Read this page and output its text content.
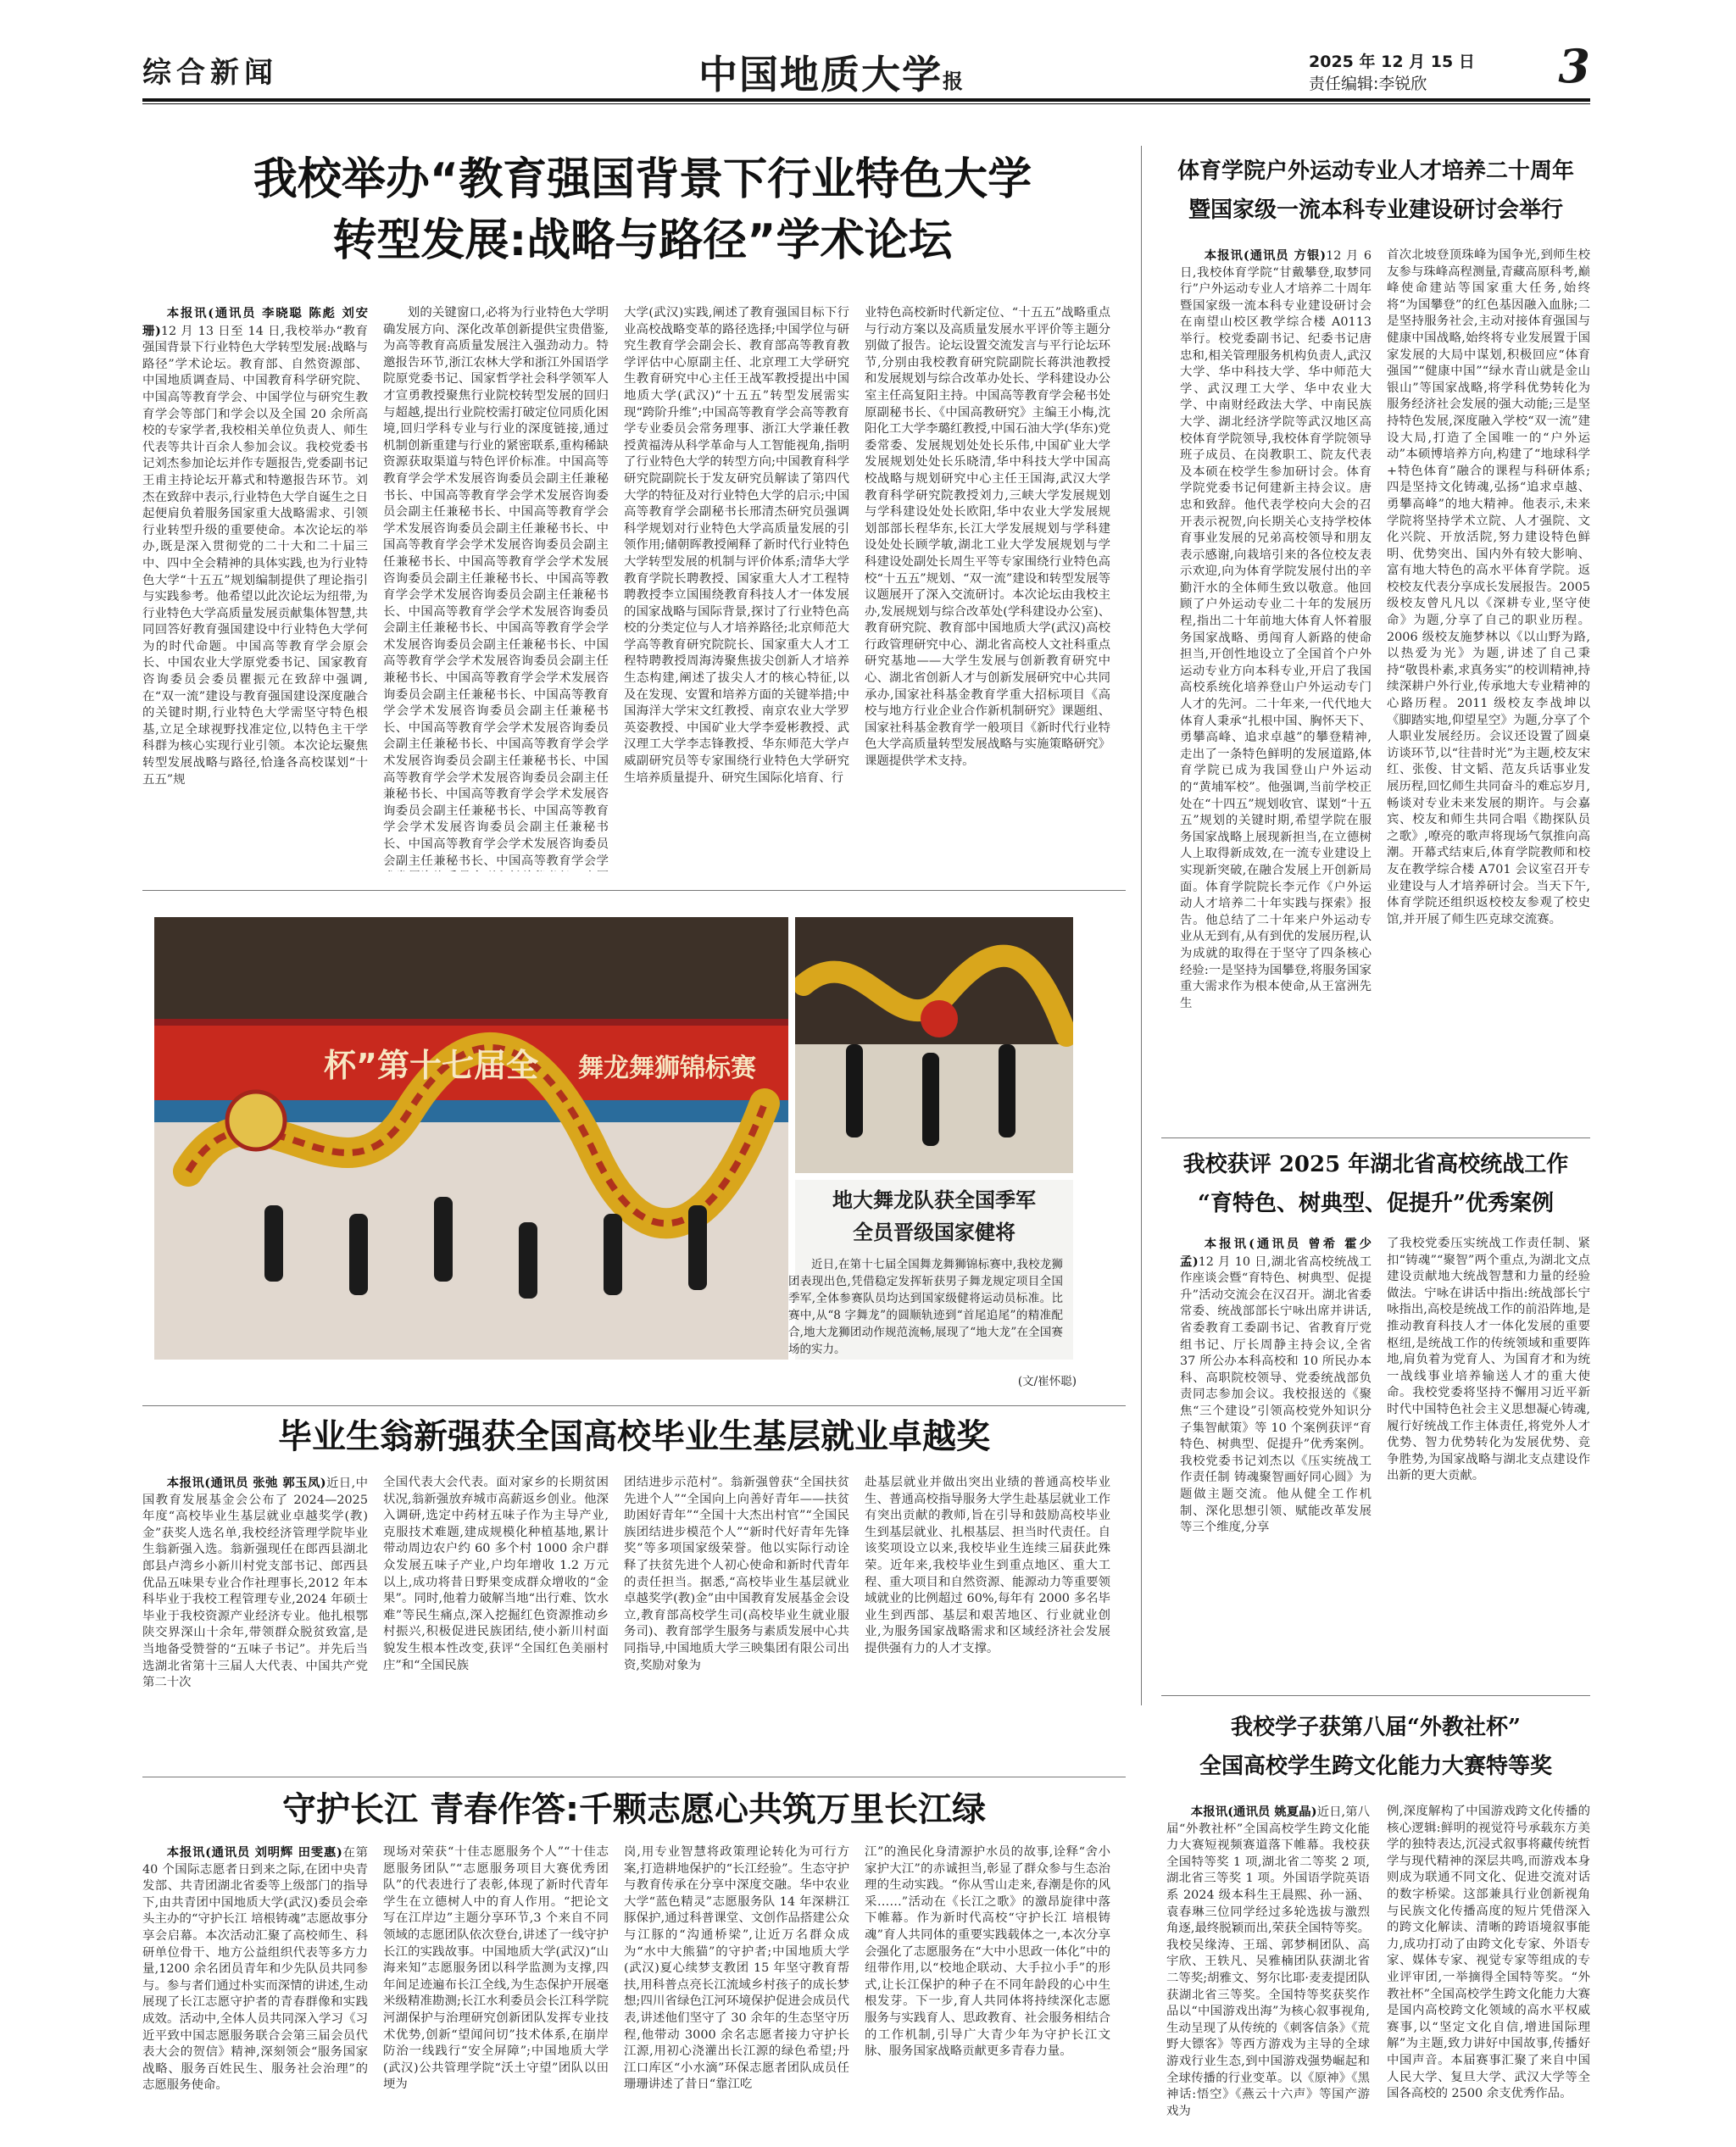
综合新闻	中国地质大学报
2025 年 12 月 15 日
责任编辑:李锐欣	3
我校举办“教育强国背景下行业特色大学
转型发展:战略与路径”学术论坛
本报讯(通讯员 李晓聪 陈彪 刘安珊)12 月 13 日至 14 日,我校举办“教育强国背景下行业特色大学转型发展:战略与路径”学术论坛。教育部、自然资源部、中国地质调查局、中国教育科学研究院、中国高等教育学会、中国学位与研究生教育学会等部门和学会以及全国 20 余所高校的专家学者,我校相关单位负责人、师生代表等共计百余人参加会议。我校党委书记刘杰参加论坛并作专题报告,党委副书记王甫主持论坛开幕式和特邀报告环节。刘杰在致辞中表示,行业特色大学自诞生之日起便肩负着服务国家重大战略需求、引领行业转型升级的重要使命。本次论坛的举办,既是深入贯彻党的二十大和二十届三中、四中全会精神的具体实践,也为行业特色大学“十五五”规划编制提供了理论指引与实践参考。他希望以此次论坛为纽带,为行业特色大学高质量发展贡献集体智慧,共同回答好教育强国建设中行业特色大学何为的时代命题。中国高等教育学会原会长、中国农业大学原党委书记、国家教育咨询委员会委员瞿振元在致辞中强调,在“双一流”建设与教育强国建设深度融合的关键时期,行业特色大学需坚守特色根基,立足全球视野找准定位,以特色主干学科群为核心实现行业引领。本次论坛聚焦转型发展战略与路径,恰逢各高校谋划“十五五”规
划的关键窗口,必将为行业特色大学明确发展方向、深化改革创新提供宝贵借鉴,为高等教育高质量发展注入强劲动力。特邀报告环节,浙江农林大学和浙江外国语学院原党委书记、国家哲学社会科学领军人才宣勇教授聚焦行业院校转型发展的回归与超越,提出行业院校需打破定位同质化困境,回归学科专业与行业的深度链接,通过机制创新重建与行业的紧密联系,重构稀缺资源获取渠道与特色评价标准。中国高等教育学会学术发展咨询委员会副主任兼秘书长、中国高等教育学会学术发展咨询委员会副主任兼秘书长、中国高等教育学会学术发展咨询委员会副主任兼秘书长、中国高等教育学会学术发展咨询委员会副主任兼秘书长、中国高等教育学会学术发展咨询委员会副主任兼秘书长、中国高等教育学会学术发展咨询委员会副主任兼秘书长、中国高等教育学会学术发展咨询委员会副主任兼秘书长、中国高等教育学会学术发展咨询委员会副主任兼秘书长、中国高等教育学会学术发展咨询委员会副主任兼秘书长、中国高等教育学会学术发展咨询委员会副主任兼秘书长、中国高等教育学会学术发展咨询委员会副主任兼秘书长、中国高等教育学会学术发展咨询委员会副主任兼秘书长、中国高等教育学会学术发展咨询委员会副主任兼秘书长、中国高等教育学会学术发展咨询委员会副主任兼秘书长、中国高等教育学会学术发展咨询委员会副主任兼秘书长、中国高等教育学会学术发展咨询委员会副主任兼秘书长、中国高等教育学会学术发展咨询委员会副主任兼秘书长、中国高等教育学会学
大学(武汉)实践,阐述了教育强国目标下行业高校战略变革的路径选择;中国学位与研究生教育学会副会长、教育部高等教育教学评估中心原副主任、北京理工大学研究生教育研究中心主任王战军教授提出中国地质大学(武汉)“十五五”转型发展需实现“跨阶升维”;中国高等教育学会高等教育学专业委员会常务理事、浙江大学兼任教授黄福涛从科学革命与人工智能视角,指明了行业特色大学的转型方向;中国教育科学研究院副院长于发友研究员解读了第四代大学的特征及对行业特色大学的启示;中国高等教育学会副秘书长邢清杰研究员强调科学规划对行业特色大学高质量发展的引领作用;储朝晖教授阐释了新时代行业特色大学转型发展的机制与评价体系;清华大学教育学院长聘教授、国家重大人才工程特聘教授李立国围绕教育科技人才一体发展的国家战略与国际背景,探讨了行业特色高校的分类定位与人才培养路径;北京师范大学高等教育研究院院长、国家重大人才工程特聘教授周海涛聚焦拔尖创新人才培养生态构建,阐述了拔尖人才的核心特征,以及在发现、安置和培养方面的关键举措;中国海洋大学宋文红教授、南京农业大学罗英姿教授、中国矿业大学李爱彬教授、武汉理工大学李志锋教授、华东师范大学卢威副研究员等专家围绕行业特色大学研究生培养质量提升、研究生国际化培育、行
业特色高校新时代新定位、“十五五”战略重点与行动方案以及高质量发展水平评价等主题分别做了报告。论坛设置交流发言与平行论坛环节,分别由我校教育研究院副院长蒋洪池教授和发展规划与综合改革办处长、学科建设办公室主任高复阳主持。中国高等教育学会秘书处原副秘书长、《中国高教研究》主编王小梅,沈阳化工大学李璐红教授,中国石油大学(华东)党委常委、发展规划处处长乐伟,中国矿业大学发展规划处处长乐晓清,华中科技大学中国高校战略与规划研究中心主任王国海,武汉大学教育科学研究院教授刘力,三峡大学发展规划与学科建设处处长欧阳,华中农业大学发展规划部部长程华东,长江大学发展规划与学科建设处处长顾学敏,湖北工业大学发展规划与学科建设处副处长周生平等专家围绕行业特色高校“十五五”规划、“双一流”建设和转型发展等议题展开了深入交流研讨。本次论坛由我校主办,发展规划与综合改革处(学科建设办公室)、教育研究院、教育部中国地质大学(武汉)高校行政管理研究中心、湖北省高校人文社科重点研究基地——大学生发展与创新教育研究中心、湖北省创新人才与创新发展研究中心共同承办,国家社科基金教育学重大招标项目《高校与地方行业企业合作新机制研究》课题组、国家社科基金教育学一般项目《新时代行业特色大学高质量转型发展战略与实施策略研究》课题提供学术支持。
体育学院户外运动专业人才培养二十周年
暨国家级一流本科专业建设研讨会举行
本报讯(通讯员 方银)12 月 6 日,我校体育学院“甘戴攀登,取梦同行”户外运动专业人才培养二十周年暨国家级一流本科专业建设研讨会在南望山校区教学综合楼 A0113 举行。校党委副书记、纪委书记唐忠和,相关管理服务机构负责人,武汉大学、华中科技大学、华中师范大学、武汉理工大学、华中农业大学、中南财经政法大学、中南民族大学、湖北经济学院等武汉地区高校体育学院领导,我校体育学院领导班子成员、在岗教职工、院友代表及本硕在校学生参加研讨会。体育学院党委书记何建新主持会议。唐忠和致辞。他代表学校向大会的召开表示祝贺,向长期关心支持学校体育事业发展的兄弟高校领导和朋友表示感谢,向栽培引来的各位校友表示欢迎,向为体育学院发展付出的辛勤汗水的全体师生致以敬意。他回顾了户外运动专业二十年的发展历程,指出二十年前地大体育人怀着服务国家战略、勇闯育人新路的使命担当,开创性地设立了全国首个户外运动专业方向本科专业,开启了我国高校系统化培养登山户外运动专门人才的先河。二十年来,一代代地大体育人秉承“扎根中国、胸怀天下、勇攀高峰、追求卓越”的攀登精神,走出了一条特色鲜明的发展道路,体育学院已成为我国登山户外运动的“黄埔军校”。他强调,当前学校正处在“十四五”规划收官、谋划“十五五”规划的关键时期,希望学院在服务国家战略上展现新担当,在立德树人上取得新成效,在一流专业建设上实现新突破,在融合发展上开创新局面。体育学院院长李元作《户外运动人才培养二十年实践与探索》报告。他总结了二十年来户外运动专业从无到有,从有到优的发展历程,认为成就的取得在于坚守了四条核心经验:一是坚持为国攀登,将服务国家重大需求作为根本使命,从王富洲先生
首次北坡登顶珠峰为国争光,到师生校友参与珠峰高程测量,青藏高原科考,巅峰使命建站等国家重大任务,始终将“为国攀登”的红色基因融入血脉;二是坚持服务社会,主动对接体育强国与健康中国战略,始终将专业发展置于国家发展的大局中谋划,积极回应“体育强国”“健康中国”“绿水青山就是金山银山”等国家战略,将学科优势转化为服务经济社会发展的强大动能;三是坚持特色发展,深度融入学校“双一流”建设大局,打造了全国唯一的“户外运动”本硕博培养方向,构建了“地球科学+特色体育”融合的课程与科研体系;四是坚持文化铸魂,弘扬“追求卓越、勇攀高峰”的地大精神。他表示,未来学院将坚持学术立院、人才强院、文化兴院、开放活院,努力建设特色鲜明、优势突出、国内外有较大影响、富有地大特色的高水平体育学院。返校校友代表分享成长发展报告。2005 级校友曾凡凡以《深耕专业,坚守使命》为题,分享了自己的职业历程。2006 级校友施梦林以《以山野为路,以热爱为光》为题,讲述了自己秉持“敬畏朴素,求真务实”的校训精神,持续深耕户外行业,传承地大专业精神的心路历程。2011 级校友李战坤以《脚踏实地,仰望星空》为题,分享了个人职业发展经历。会议还设置了圆桌访谈环节,以“往昔时光”为主题,校友宋红、张俊、甘文韬、范友兵话事业发展历程,回忆师生共同奋斗的难忘岁月,畅谈对专业未来发展的期许。与会嘉宾、校友和师生共同合唱《勘探队员之歌》,嘹亮的歌声将现场气氛推向高潮。开幕式结束后,体育学院教师和校友在教学综合楼 A701 会议室召开专业建设与人才培养研讨会。当天下午,体育学院还组织返校校友参观了校史馆,并开展了师生匹克球交流赛。
杯”第十七届全 舞龙舞狮锦标赛
地大舞龙队获全国季军
全员晋级国家健将
近日,在第十七届全国舞龙舞狮锦标赛中,我校龙狮团表现出色,凭借稳定发挥斩获男子舞龙规定项目全国季军,全体参赛队员均达到国家级健将运动员标准。比赛中,从“8 字舞龙”的圆顺轨迹到“首尾追尾”的精准配合,地大龙狮团动作规范流畅,展现了“地大龙”在全国赛场的实力。
(文/崔怀聪)
毕业生翁新强获全国高校毕业生基层就业卓越奖
本报讯(通讯员 张弛 郭玉凤)近日,中国教育发展基金会公布了 2024—2025 年度“高校毕业生基层就业卓越奖学(教)金”获奖人选名单,我校经济管理学院毕业生翁新强入选。翁新强现任在郎西县湖北郎县卢湾乡小新川村党支部书记、郎西县优品五味果专业合作社理事长,2012 年本科毕业于我校工程管理专业,2024 年硕士毕业于我校资源产业经济专业。他扎根鄂陕交界深山十余年,带领群众脱贫致富,是当地备受赞誉的“五味子书记”。并先后当选湖北省第十三届人大代表、中国共产党第二十次
全国代表大会代表。面对家乡的长期贫困状况,翁新强放弃城市高薪返乡创业。他深入调研,选定中药材五味子作为主导产业,克服技术难题,建成规模化种植基地,累计带动周边农户约 60 多个村 1000 余户群众发展五味子产业,户均年增收 1.2 万元以上,成功将昔日野果变成群众增收的“金果”。同时,他着力破解当地“出行难、饮水难”等民生痛点,深入挖掘红色资源推动乡村振兴,积极促进民族团结,使小新川村面貌发生根本性改变,获评“全国红色美丽村庄”和“全国民族
团结进步示范村”。翁新强曾获“全国扶贫先进个人”“全国向上向善好青年——扶贫助困好青年”“全国十大杰出村官”“全国民族团结进步模范个人”“新时代好青年先锋奖”等多项国家级荣誉。他以实际行动诠释了扶贫先进个人初心使命和新时代青年的责任担当。据悉,“高校毕业生基层就业卓越奖学(教)金”由中国教育发展基金会设立,教育部高校学生司(高校毕业生就业服务司)、教育部学生服务与素质发展中心共同指导,中国地质大学三映集团有限公司出资,奖励对象为
赴基层就业并做出突出业绩的普通高校毕业生、普通高校指导服务大学生赴基层就业工作有突出贡献的教师,旨在引导和鼓励高校毕业生到基层就业、扎根基层、担当时代责任。自该奖项设立以来,我校毕业生连续三届获此殊荣。近年来,我校毕业生到重点地区、重大工程、重大项目和自然资源、能源动力等重要领域就业的比例超过 60%,每年有 2000 多名毕业生到西部、基层和艰苦地区、行业就业创业,为服务国家战略需求和区域经济社会发展提供强有力的人才支撑。
我校获评 2025 年湖北省高校统战工作
“育特色、树典型、促提升”优秀案例
本报讯(通讯员 曾希 霍少孟)12 月 10 日,湖北省高校统战工作座谈会暨“育特色、树典型、促提升”活动交流会在汉召开。湖北省委常委、统战部部长宁咏出席并讲话,省委教育工委副书记、省教育厅党组书记、厅长周静主持会议,全省 37 所公办本科高校和 10 所民办本科、高职院校领导、党委统战部负责同志参加会议。我校报送的《聚焦“三个建设”引领高校党外知识分子集智献策》等 10 个案例获评“育特色、树典型、促提升”优秀案例。我校党委书记刘杰以《压实统战工作责任制 铸魂聚智画好同心圆》为题做主题交流。他从健全工作机制、深化思想引领、赋能改革发展等三个维度,分享
了我校党委压实统战工作责任制、紧扣“铸魂”“聚智”两个重点,为湖北文点建设贡献地大统战智慧和力量的经验做法。宁咏在讲话中指出:统战部长宁咏指出,高校是统战工作的前沿阵地,是推动教育科技人才一体化发展的重要枢纽,是统战工作的传统领域和重要阵地,肩负着为党育人、为国育才和为统一战线事业培养输送人才的重大使命。我校党委将坚持不懈用习近平新时代中国特色社会主义思想凝心铸魂,履行好统战工作主体责任,将党外人才优势、智力优势转化为发展优势、竞争胜势,为国家战略与湖北支点建设作出新的更大贡献。
我校学子获第八届“外教社杯”
全国高校学生跨文化能力大赛特等奖
本报讯(通讯员 姚夏晶)近日,第八届“外教社杯”全国高校学生跨文化能力大赛短视频赛道落下帷幕。我校获全国特等奖 1 项,湖北省二等奖 2 项,湖北省三等奖 1 项。外国语学院英语系 2024 级本科生王晨熙、孙一涵、袁春琳三位同学经过多轮选拔与激烈角逐,最终脱颖而出,荣获全国特等奖。我校吴缘涛、王瑶、郭梦桐团队、高宇欣、王轶凡、吴雅楠团队获湖北省二等奖;胡雅文、努尔比耶·麦麦提团队获湖北省三等奖。全国特等奖获奖作品以“中国游戏出海”为核心叙事视角,生动呈现了从传统的《刺客信条》《荒野大镖客》等西方游戏为主导的全球游戏行业生态,到中国游戏强势崛起和全球传播的行业变革。以《原神》《黑神话:悟空》《燕云十六声》等国产游戏为
例,深度解构了中国游戏跨文化传播的核心逻辑:鲜明的视觉符号承载东方美学的独特表达,沉浸式叙事将藏传统哲学与现代精神的深层共鸣,而游戏本身则成为联通不同文化、促进交流对话的数字桥梁。这部兼具行业创新视角与民族文化传播高度的短片凭借深入的跨文化解读、清晰的跨语境叙事能力,成功打动了由跨文化专家、外语专家、媒体专家、视觉专家等组成的专业评审团,一举摘得全国特等奖。“外教社杯”全国高校学生跨文化能力大赛是国内高校跨文化领域的高水平权威赛事,以“坚定文化自信,增进国际理解”为主题,致力讲好中国故事,传播好中国声音。本届赛事汇聚了来自中国人民大学、复旦大学、武汉大学等全国各高校的 2500 余支优秀作品。
守护长江 青春作答:千颗志愿心共筑万里长江绿
本报讯(通讯员 刘明辉 田雯惠)在第 40 个国际志愿者日到来之际,在团中央青发部、共青团湖北省委等上级部门的指导下,由共青团中国地质大学(武汉)委员会牵头主办的“守护长江 培根铸魂”志愿故事分享会启幕。本次活动汇聚了高校师生、科研单位骨干、地方公益组织代表等多方力量,1200 余名团员青年和少先队员共同参与。参与者们通过朴实而深情的讲述,生动展现了长江志愿守护者的青春群像和实践成效。活动中,全体人员共同深入学习《习近平致中国志愿服务联合会第三届会员代表大会的贺信》精神,深刻领会“服务国家战略、服务百姓民生、服务社会治理”的志愿服务使命。
现场对荣获“十佳志愿服务个人”“十佳志愿服务团队”“志愿服务项目大赛优秀团队”的代表进行了表彰,体现了新时代青年学生在立德树人中的育人作用。“把论文写在江岸边”主题分享环节,3 个来自不同领域的志愿团队依次登台,讲述了一线守护长江的实践故事。中国地质大学(武汉)“山海来知”志愿服务团以科学监测为支撑,四年间足迹遍布长江全线,为生态保护开展毫米级精准勘测;长江水利委员会长江科学院河湖保护与治理研究创新团队发挥专业技术优势,创新“望闻问切”技术体系,在崩岸防治一线践行“安全屏障”;中国地质大学(武汉)公共管理学院“沃土守望”团队以田埂为
岗,用专业智慧将政策理论转化为可行方案,打造耕地保护的“长江经验”。生态守护与教育传承在分享中深度交融。华中农业大学“蓝色精灵”志愿服务队 14 年深耕江豚保护,通过科普课堂、文创作品搭建公众与江豚的“沟通桥梁”,让近万名群众成为“水中大熊猫”的守护者;中国地质大学(武汉)夏心续梦支教团 15 年坚守教育帮扶,用科普点亮长江流域乡村孩子的成长梦想;四川省绿色江河环境保护促进会成员代表,讲述他们坚守了 30 余年的生态坚守历程,他带动 3000 余名志愿者接力守护长江源,用初心浇灌出长江源的绿色希望;丹江口库区“小水滴”环保志愿者团队成员任珊珊讲述了昔日“靠江吃
江”的渔民化身清源护水员的故事,诠释“舍小家护大江”的赤诚担当,彰显了群众参与生态治理的生动实践。“你从雪山走来,春潮是你的风采……”活动在《长江之歌》的激昂旋律中落下帷幕。作为新时代高校“守护长江 培根铸魂”育人共同体的重要实践载体之一,本次分享会强化了志愿服务在“大中小思政一体化”中的纽带作用,以“校地企联动、大手拉小手”的形式,让长江保护的种子在不同年龄段的心中生根发芽。下一步,育人共同体将持续深化志愿服务与实践育人、思政教育、社会服务相结合的工作机制,引导广大青少年为守护长江文脉、服务国家战略贡献更多青春力量。
